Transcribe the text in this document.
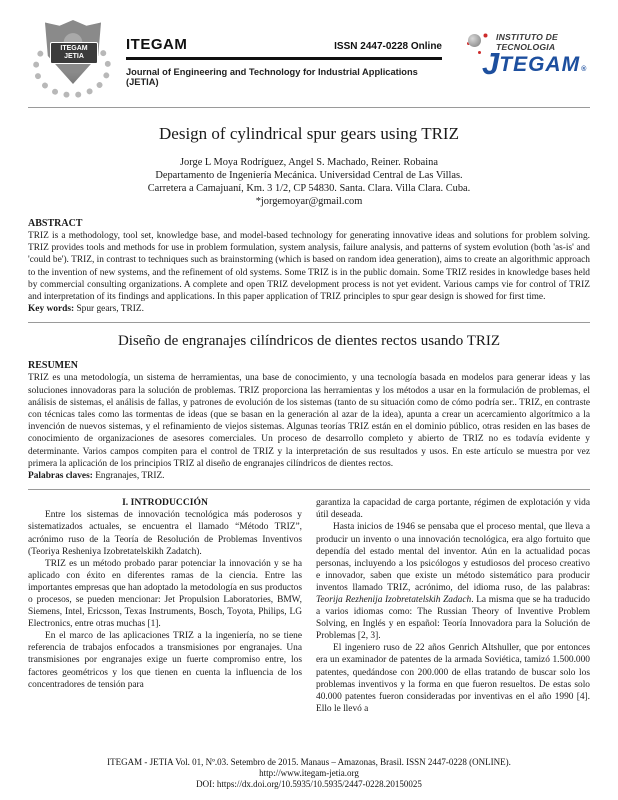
ITEGAM
JETIA
ITEGAM	ISSN 2447-0228 Online
Journal of Engineering and Technology for Industrial Applications (JETIA)
INSTITUTO DE
TECNOLOGIA
J TEGAM ®
Design of cylindrical spur gears using TRIZ
Jorge L Moya Rodríguez, Angel S. Machado, Reiner. Robaina
Departamento de Ingeniería Mecánica. Universidad Central de Las Villas.
Carretera a Camajuaní, Km. 3 1/2, CP 54830. Santa. Clara. Villa Clara. Cuba.
*jorgemoyar@gmail.com
ABSTRACT

TRIZ is a methodology, tool set, knowledge base, and model-based technology for generating innovative ideas and solutions for problem solving. TRIZ provides tools and methods for use in problem formulation, system analysis, failure analysis, and patterns of system evolution (both 'as-is' and 'could be'). TRIZ, in contrast to techniques such as brainstorming (which is based on random idea generation), aims to create an algorithmic approach to the invention of new systems, and the refinement of old systems. Some TRIZ is in the public domain. Some TRIZ resides in knowledge bases held by commercial consulting organizations. A complete and open TRIZ development process is not yet evident. Various camps vie for control of TRIZ and interpretation of its findings and applications. In this paper application of TRIZ principles to spur gear design is showed for first time.

Key words: Spur gears, TRIZ.

Diseño de engranajes cilíndricos de dientes rectos usando TRIZ
RESUMEN

TRIZ es una metodología, un sistema de herramientas, una base de conocimiento, y una tecnología basada en modelos para generar ideas y las soluciones innovadoras para la solución de problemas. TRIZ proporciona las herramientas y los métodos a usar en la formulación de problemas, el análisis de sistemas, el análisis de fallas, y patrones de evolución de los sistemas (tanto de su situación como de cómo podría ser.. TRIZ, en contraste con técnicas tales como las tormentas de ideas (que se basan en la generación al azar de la idea), apunta a crear un acercamiento algorítmico a la invención de nuevos sistemas, y el refinamiento de viejos sistemas. Algunas teorías TRIZ están en el dominio público, otras residen en las bases de conocimiento de organizaciones de asesores comerciales. Un proceso de desarrollo completo y abierto de TRIZ no es todavía evidente y determinante. Varios campos compiten para el control de TRIZ y la interpretación de sus resultados y usos. En este artículo se muestra por vez primera la aplicación de los principios TRIZ al diseño de engranajes cilíndricos de dientes rectos.

Palabras claves: Engranajes, TRIZ.

I. INTRODUCCIÓN

Entre los sistemas de innovación tecnológica más poderosos y sistematizados actuales, se encuentra el llamado “Método TRIZ”, acrónimo ruso de la Teoría de Resolución de Problemas Inventivos (Teoriya Resheniya Izobretatelskikh Zadatch).

TRIZ es un método probado parar potenciar la innovación y se ha aplicado con éxito en diferentes ramas de la ciencia. Entre las importantes empresas que han adoptado la metodología en sus productos o procesos, se pueden mencionar: Jet Propulsion Laboratories, BMW, Siemens, Intel, Ericsson, Texas Instruments, Bosch, Toyota, Philips, LG Electronics, entre otras muchas [1].

En el marco de las aplicaciones TRIZ a la ingeniería, no se tiene referencia de trabajos enfocados a transmisiones por engranajes. Una transmisiones por engranajes exige un fuerte compromiso entre, los factores geométricos y los que tienen en cuenta la influencia de los concentradores de tensión para

garantiza la capacidad de carga portante, régimen de explotación y vida útil deseada.

Hasta inicios de 1946 se pensaba que el proceso mental, que lleva a producir un invento o una innovación tecnológica, era algo fortuito que dependía del estado mental del inventor. Aún en la actualidad pocas personas, incluyendo a los psicólogos y estudiosos del proceso creativo e innovador, saben que existe un método sistemático para producir inventos llamado TRIZ, acrónimo, del idioma ruso, de las palabras: Teorija Rezhenija Izobretatelskih Zadach. La misma que se ha traducido a varios idiomas como: The Russian Theory of Inventive Problem Solving, en Inglés y en español: Teoría Innovadora para la Solución de Problemas [2, 3].

El ingeniero ruso de 22 años Genrich Altshuller, que por entonces era un examinador de patentes de la armada Soviética, tamizó 1.500.000 patentes, quedándose con 200.000 de ellas tratando de buscar solo los problemas inventivos y la forma en que fueron resueltos. De estas solo 40.000 patentes fueron consideradas por inventivas en el año 1990 [4]. Ello le llevó a

ITEGAM - JETIA Vol. 01, Nº.03. Setembro de 2015. Manaus – Amazonas, Brasil. ISSN 2447-0228 (ONLINE).
http://www.itegam-jetia.org
DOI: https://dx.doi.org/10.5935/10.5935/2447-0228.20150025
